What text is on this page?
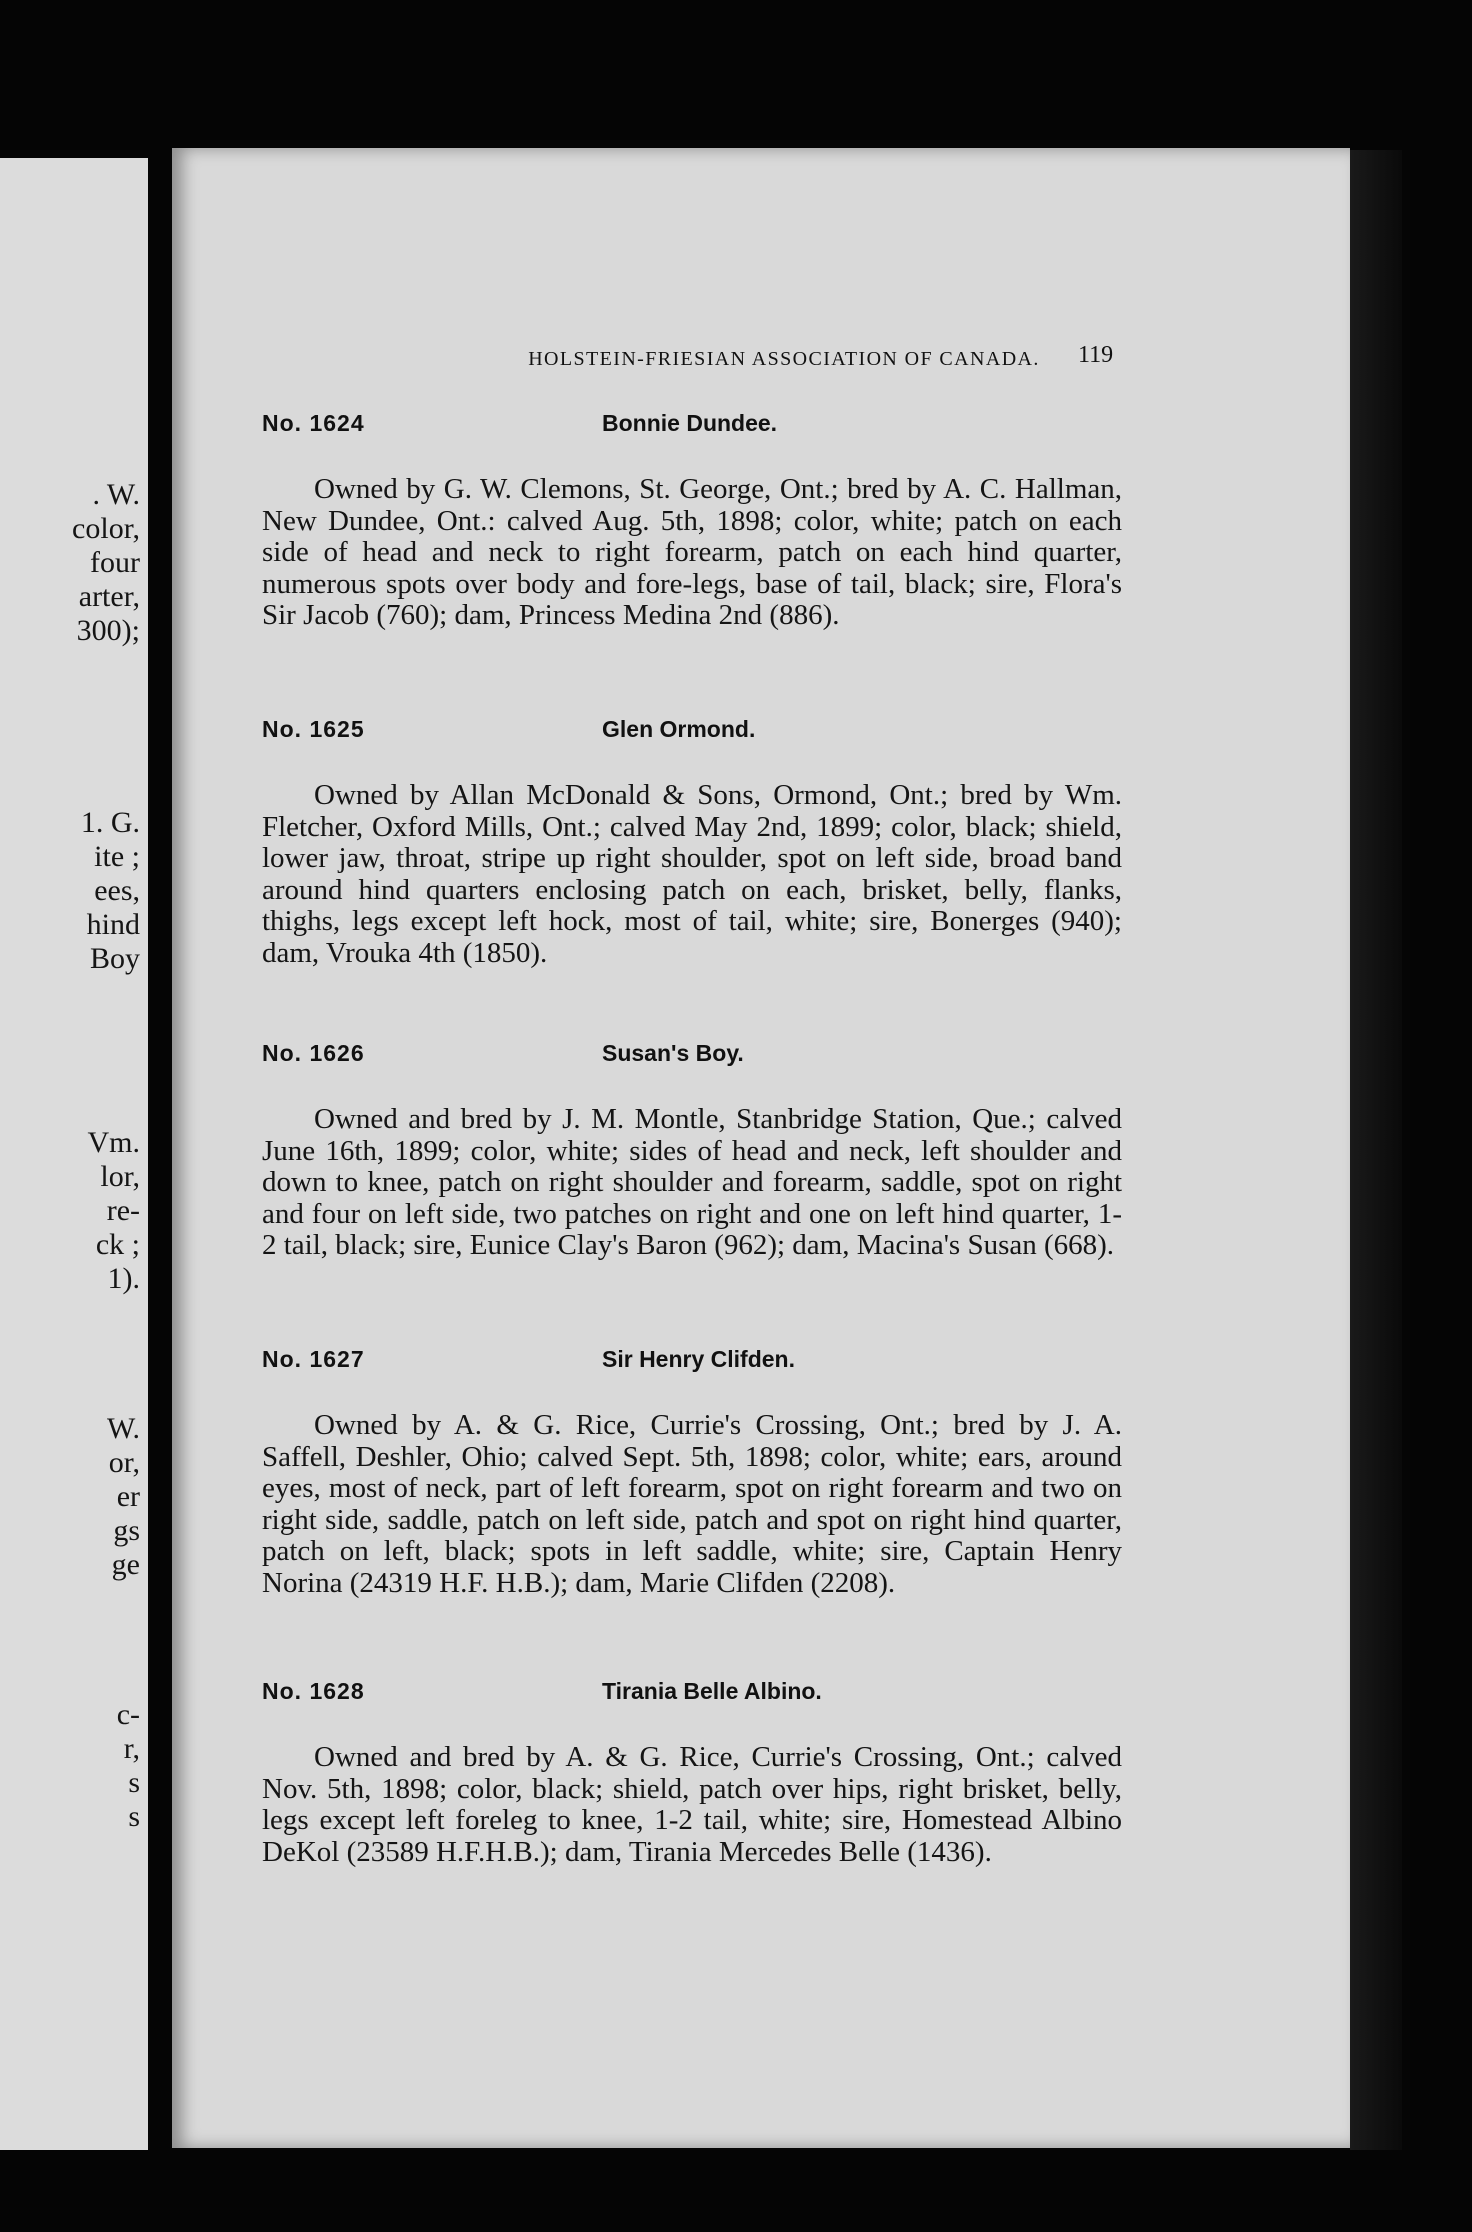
. W.
color,
four
arter,
300);

1. G.
ite ;
ees,
hind
Boy

Vm.
lor,
re-
ck ;
1).

W.
or,
er
gs
ge

c-
r,
s
s

HOLSTEIN-FRIESIAN ASSOCIATION OF CANADA.	119
No. 1624	Bonnie Dundee.

Owned by G. W. Clemons, St. George, Ont.; bred by A. C. Hallman, New Dundee, Ont.: calved Aug. 5th, 1898; color, white; patch on each side of head and neck to right forearm, patch on each hind quarter, numerous spots over body and fore-legs, base of tail, black; sire, Flora's Sir Jacob (760); dam, Princess Medina 2nd (886).

No. 1625	Glen Ormond.

Owned by Allan McDonald & Sons, Ormond, Ont.; bred by Wm. Fletcher, Oxford Mills, Ont.; calved May 2nd, 1899; color, black; shield, lower jaw, throat, stripe up right shoulder, spot on left side, broad band around hind quarters enclosing patch on each, brisket, belly, flanks, thighs, legs except left hock, most of tail, white; sire, Bonerges (940); dam, Vrouka 4th (1850).

No. 1626	Susan's Boy.

Owned and bred by J. M. Montle, Stanbridge Station, Que.; calved June 16th, 1899; color, white; sides of head and neck, left shoulder and down to knee, patch on right shoulder and forearm, saddle, spot on right and four on left side, two patches on right and one on left hind quarter, 1-2 tail, black; sire, Eunice Clay's Baron (962); dam, Macina's Susan (668).

No. 1627	Sir Henry Clifden.

Owned by A. & G. Rice, Currie's Crossing, Ont.; bred by J. A. Saffell, Deshler, Ohio; calved Sept. 5th, 1898; color, white; ears, around eyes, most of neck, part of left forearm, spot on right forearm and two on right side, saddle, patch on left side, patch and spot on right hind quarter, patch on left, black; spots in left saddle, white; sire, Captain Henry Norina (24319 H.F. H.B.); dam, Marie Clifden (2208).

No. 1628	Tirania Belle Albino.

Owned and bred by A. & G. Rice, Currie's Crossing, Ont.; calved Nov. 5th, 1898; color, black; shield, patch over hips, right brisket, belly, legs except left foreleg to knee, 1-2 tail, white; sire, Homestead Albino DeKol (23589 H.F.H.B.); dam, Tirania Mercedes Belle (1436).
